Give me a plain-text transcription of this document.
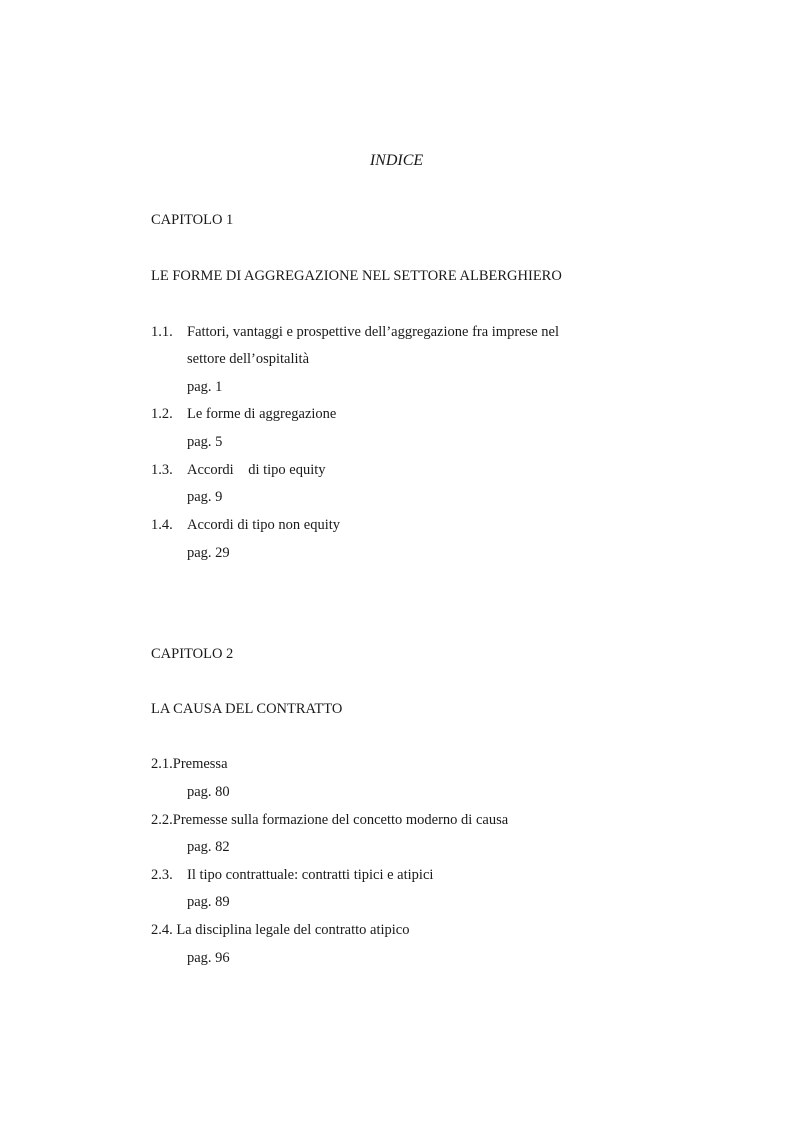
INDICE
CAPITOLO 1
LE FORME DI AGGREGAZIONE NEL SETTORE ALBERGHIERO
1.1. Fattori, vantaggi e prospettive dell’aggregazione fra imprese nel
settore dell’ospitalità
pag. 1
1.2. Le forme di aggregazione
pag. 5
1.3. Accordi    di tipo equity
pag. 9
1.4. Accordi di tipo non equity
pag. 29
CAPITOLO 2
LA CAUSA DEL CONTRATTO
2.1.Premessa
pag. 80
2.2.Premesse sulla formazione del concetto moderno di causa
pag. 82
2.3. Il tipo contrattuale: contratti tipici e atipici
pag. 89
2.4. La disciplina legale del contratto atipico
pag. 96
